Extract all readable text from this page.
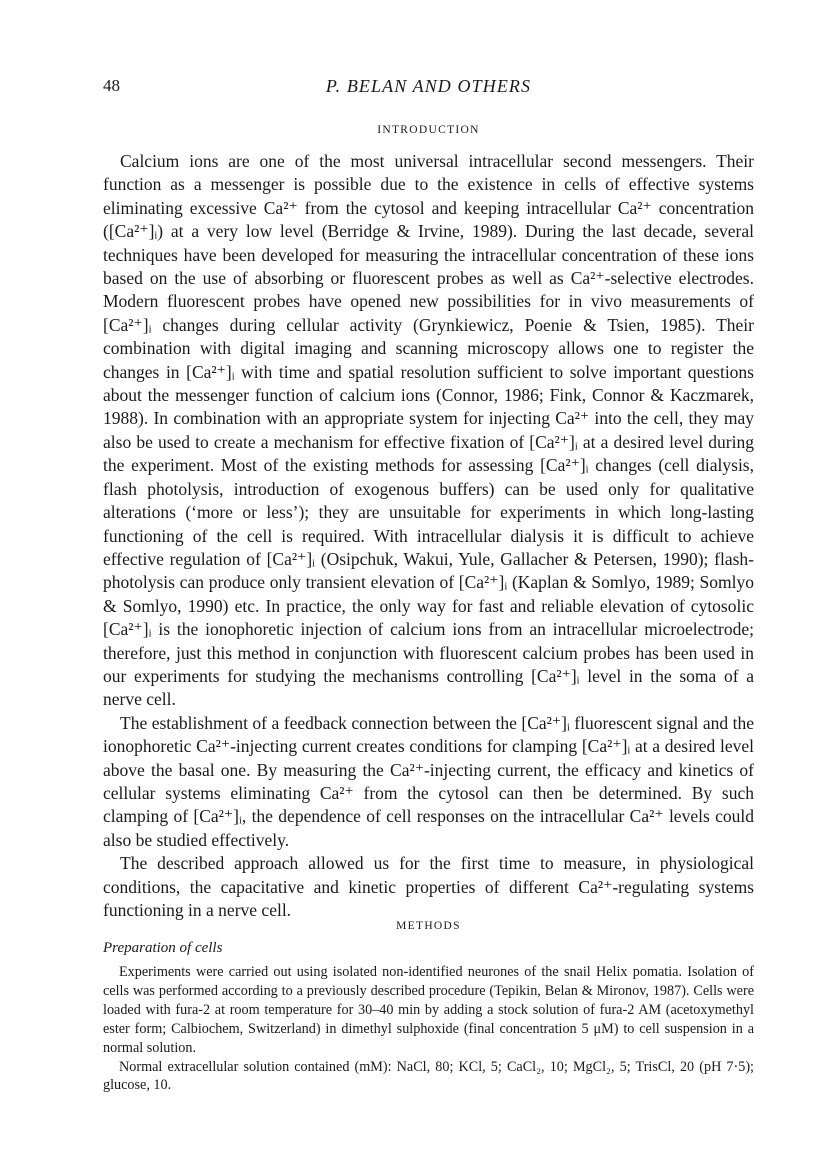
48	P. BELAN AND OTHERS
INTRODUCTION

Calcium ions are one of the most universal intracellular second messengers. Their function as a messenger is possible due to the existence in cells of effective systems eliminating excessive Ca²⁺ from the cytosol and keeping intracellular Ca²⁺ concentration ([Ca²⁺]ᵢ) at a very low level (Berridge & Irvine, 1989). During the last decade, several techniques have been developed for measuring the intracellular concentration of these ions based on the use of absorbing or fluorescent probes as well as Ca²⁺-selective electrodes. Modern fluorescent probes have opened new possibilities for in vivo measurements of [Ca²⁺]ᵢ changes during cellular activity (Grynkiewicz, Poenie & Tsien, 1985). Their combination with digital imaging and scanning microscopy allows one to register the changes in [Ca²⁺]ᵢ with time and spatial resolution sufficient to solve important questions about the messenger function of calcium ions (Connor, 1986; Fink, Connor & Kaczmarek, 1988). In combination with an appropriate system for injecting Ca²⁺ into the cell, they may also be used to create a mechanism for effective fixation of [Ca²⁺]ᵢ at a desired level during the experiment. Most of the existing methods for assessing [Ca²⁺]ᵢ changes (cell dialysis, flash photolysis, introduction of exogenous buffers) can be used only for qualitative alterations (‘more or less’); they are unsuitable for experiments in which long-lasting functioning of the cell is required. With intracellular dialysis it is difficult to achieve effective regulation of [Ca²⁺]ᵢ (Osipchuk, Wakui, Yule, Gallacher & Petersen, 1990); flash-photolysis can produce only transient elevation of [Ca²⁺]ᵢ (Kaplan & Somlyo, 1989; Somlyo & Somlyo, 1990) etc. In practice, the only way for fast and reliable elevation of cytosolic [Ca²⁺]ᵢ is the ionophoretic injection of calcium ions from an intracellular microelectrode; therefore, just this method in conjunction with fluorescent calcium probes has been used in our experiments for studying the mechanisms controlling [Ca²⁺]ᵢ level in the soma of a nerve cell.

The establishment of a feedback connection between the [Ca²⁺]ᵢ fluorescent signal and the ionophoretic Ca²⁺-injecting current creates conditions for clamping [Ca²⁺]ᵢ at a desired level above the basal one. By measuring the Ca²⁺-injecting current, the efficacy and kinetics of cellular systems eliminating Ca²⁺ from the cytosol can then be determined. By such clamping of [Ca²⁺]ᵢ, the dependence of cell responses on the intracellular Ca²⁺ levels could also be studied effectively.

The described approach allowed us for the first time to measure, in physiological conditions, the capacitative and kinetic properties of different Ca²⁺-regulating systems functioning in a nerve cell.

METHODS
Preparation of cells

Experiments were carried out using isolated non-identified neurones of the snail Helix pomatia. Isolation of cells was performed according to a previously described procedure (Tepikin, Belan & Mironov, 1987). Cells were loaded with fura-2 at room temperature for 30–40 min by adding a stock solution of fura-2 AM (acetoxymethyl ester form; Calbiochem, Switzerland) in dimethyl sulphoxide (final concentration 5 μM) to cell suspension in a normal solution.

Normal extracellular solution contained (mM): NaCl, 80; KCl, 5; CaCl₂, 10; MgCl₂, 5; TrisCl, 20 (pH 7·5); glucose, 10.
